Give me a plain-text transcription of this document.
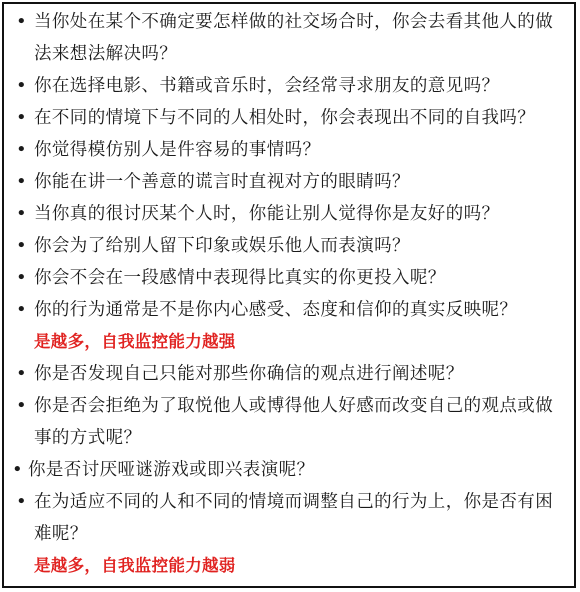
• 当你处在某个不确定要怎样做的社交场合时，你会去看其他人的做法来想法解决吗？
• 你在选择电影、书籍或音乐时，会经常寻求朋友的意见吗？
• 在不同的情境下与不同的人相处时，你会表现出不同的自我吗？
• 你觉得模仿别人是件容易的事情吗？
• 你能在讲一个善意的谎言时直视对方的眼睛吗？
• 当你真的很讨厌某个人时，你能让别人觉得你是友好的吗？
• 你会为了给别人留下印象或娱乐他人而表演吗？
• 你会不会在一段感情中表现得比真实的你更投入呢？
• 你的行为通常是不是你内心感受、态度和信仰的真实反映呢？
是越多，自我监控能力越强
• 你是否发现自己只能对那些你确信的观点进行阐述呢？
• 你是否会拒绝为了取悦他人或博得他人好感而改变自己的观点或做事的方式呢？
• 你是否讨厌哑谜游戏或即兴表演呢？
• 在为适应不同的人和不同的情境而调整自己的行为上，你是否有困难呢？
是越多，自我监控能力越弱
